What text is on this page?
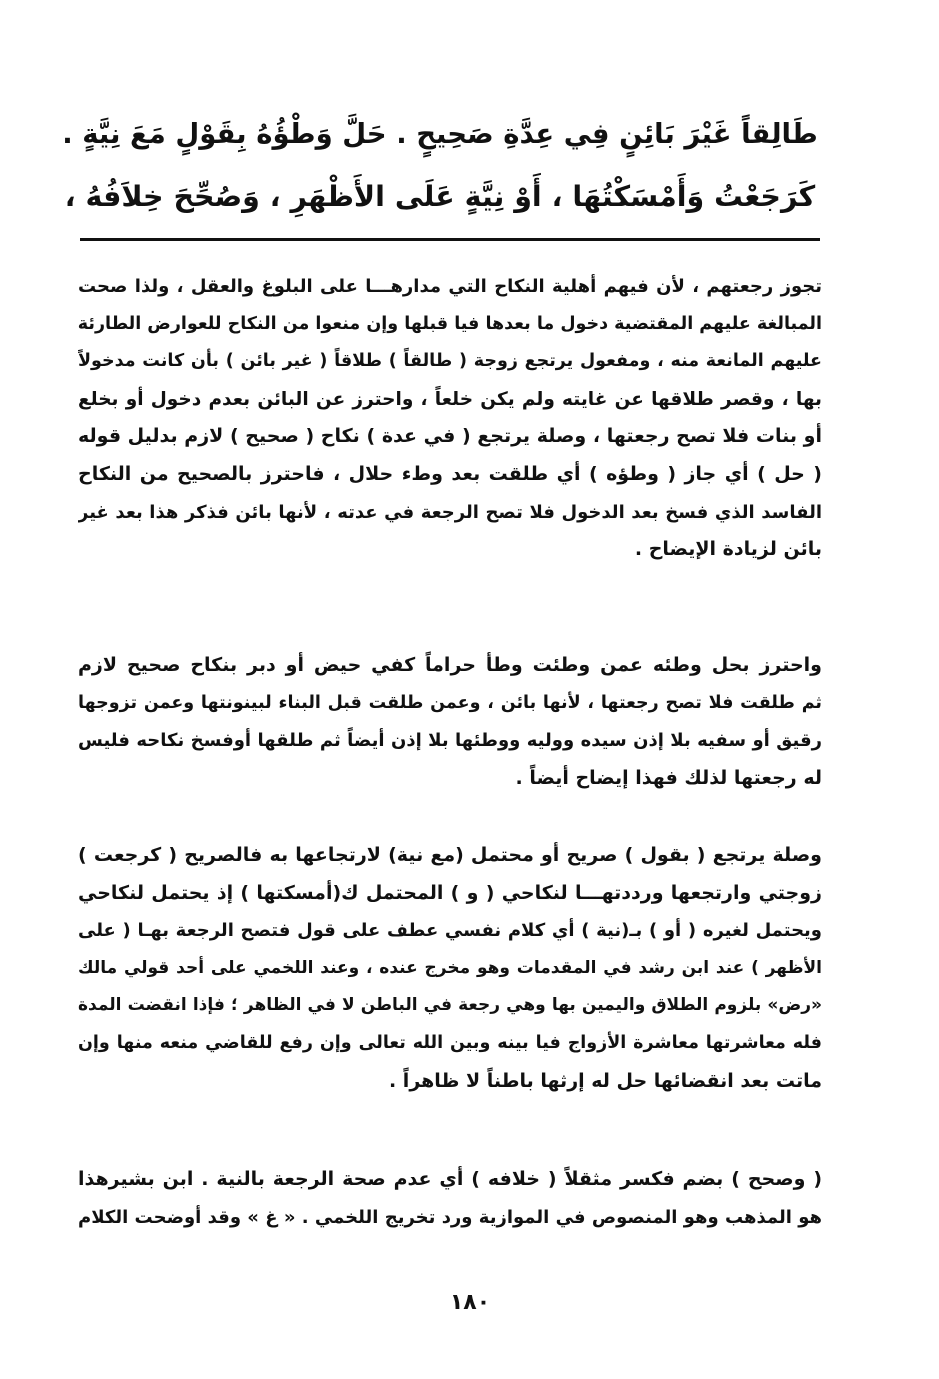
طَالِقاً غَيْرَ بَائِنٍ فِي عِدَّةِ صَحِيحٍ . حَلَّ وَطْؤُهُ بِقَوْلٍ مَعَ نِيَّةٍ .
كَرَجَعْتُ وَأَمْسَكْتُهَا ، أَوْ نِيَّةٍ عَلَى الأَظْهَرِ ، وَصُحِّحَ خِلاَفُهُ ،
تجوز رجعتهم ، لأن فيهم أهلية النكاح التي مدارهـــا على البلوغ والعقل ، ولذا صحت
المبالغة عليهم المقتضية دخول ما بعدها فيا قبلها وإن منعوا من النكاح للعوارض الطارئة
عليهم المانعة منه ، ومفعول يرتجع زوجة ( طالقاً ) طلاقاً ( غير بائن ) بأن كانت مدخولاً
بها ، وقصر طلاقها عن غايته ولم يكن خلعاً ، واحترز عن البائن بعدم دخول أو بخلع
أو بنات فلا تصح رجعتها ، وصلة يرتجع ( في عدة ) نكاح ( صحيح ) لازم بدليل قوله
( حل ) أي جاز ( وطؤه ) أي طلقت بعد وطء حلال ، فاحترز بالصحيح من النكاح
الفاسد الذي فسخ بعد الدخول فلا تصح الرجعة في عدته ، لأنها بائن فذكر هذا بعد غير
بائن لزيادة الإيضاح .
واحترز بحل وطئه عمن وطئت وطأ حراماً كفي حيض أو دبر بنكاح صحيح لازم
ثم طلقت فلا تصح رجعتها ، لأنها بائن ، وعمن طلقت قبل البناء لبينونتها وعمن تزوجها
رقيق أو سفيه بلا إذن سيده ووليه ووطئها بلا إذن أيضاً ثم طلقها أوفسخ نكاحه فليس
له رجعتها لذلك فهذا إيضاح أيضاً .
وصلة يرتجع ( بقول ) صريح أو محتمل (مع نية) لارتجاعها به فالصريح ( كرجعت )
زوجتي وارتجعها ورددتهـــا لنكاحي ( و ) المحتمل ك(أمسكتها ) إذ يحتمل لنكاحي
ويحتمل لغيره ( أو ) بـ(نية ) أي كلام نفسي عطف على قول فتصح الرجعة بهـا ( على
الأظهر ) عند ابن رشد في المقدمات وهو مخرج عنده ، وعند اللخمي على أحد قولي مالك
«رض» بلزوم الطلاق واليمين بها وهي رجعة في الباطن لا في الظاهر ؛ فإذا انقضت المدة
فله معاشرتها معاشرة الأزواج فيا بينه وبين الله تعالى وإن رفع للقاضي منعه منها وإن
ماتت بعد انقضائها حل له إرثها باطناً لا ظاهراً .
( وصحح ) بضم فكسر مثقلاً ( خلافه ) أي عدم صحة الرجعة بالنية . ابن بشيرهذا
هو المذهب وهو المنصوص في الموازية ورد تخريج اللخمي . « غ » وقد أوضحت الكلام
١٨٠
